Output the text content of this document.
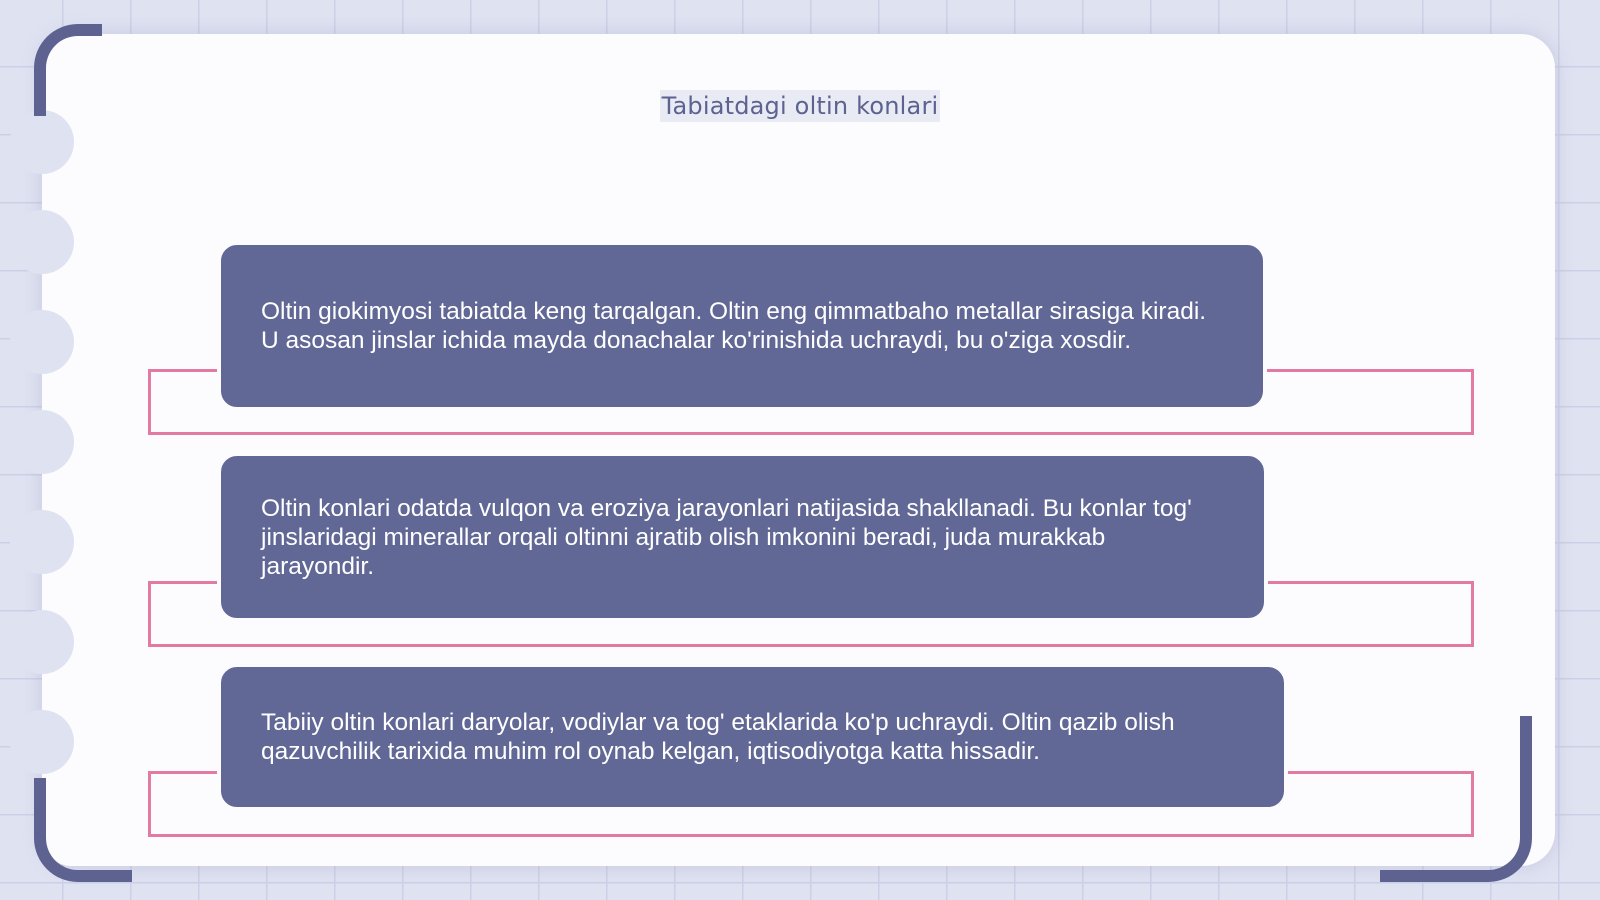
Tabiatdagi oltin konlari

Oltin giokimyosi tabiatda keng tarqalgan. Oltin eng qimmatbaho metallar sirasiga kiradi. U asosan jinslar ichida mayda donachalar ko'rinishida uchraydi, bu o'ziga xosdir.

Oltin konlari odatda vulqon va eroziya jarayonlari natijasida shakllanadi. Bu konlar tog' jinslaridagi minerallar orqali oltinni ajratib olish imkonini beradi, juda murakkab jarayondir.

Tabiiy oltin konlari daryolar, vodiylar va tog' etaklarida ko'p uchraydi. Oltin qazib olish qazuvchilik tarixida muhim rol oynab kelgan, iqtisodiyotga katta hissadir.
